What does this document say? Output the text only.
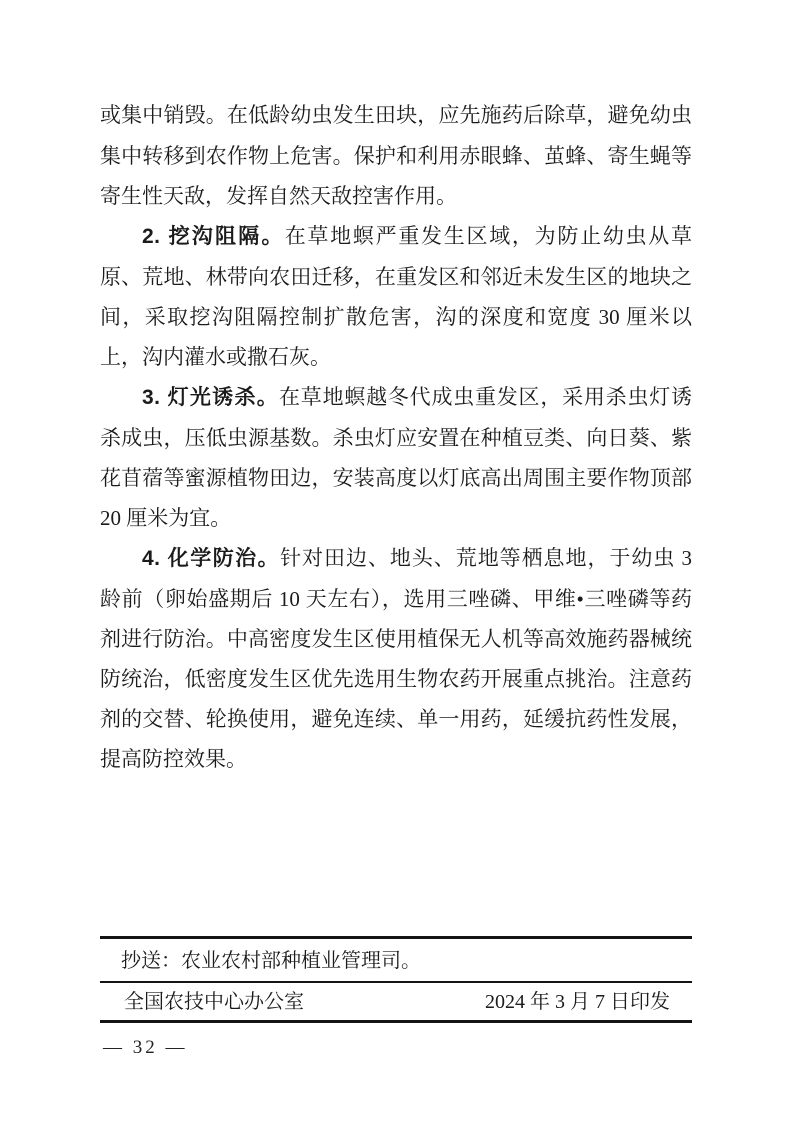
或集中销毁。在低龄幼虫发生田块，应先施药后除草，避免幼虫集中转移到农作物上危害。保护和利用赤眼蜂、茧蜂、寄生蝇等寄生性天敌，发挥自然天敌控害作用。

2. 挖沟阻隔。在草地螟严重发生区域，为防止幼虫从草原、荒地、林带向农田迁移，在重发区和邻近未发生区的地块之间，采取挖沟阻隔控制扩散危害，沟的深度和宽度 30 厘米以上，沟内灌水或撒石灰。

3. 灯光诱杀。在草地螟越冬代成虫重发区，采用杀虫灯诱杀成虫，压低虫源基数。杀虫灯应安置在种植豆类、向日葵、紫花苜蓿等蜜源植物田边，安装高度以灯底高出周围主要作物顶部 20 厘米为宜。

4. 化学防治。针对田边、地头、荒地等栖息地，于幼虫 3 龄前（卵始盛期后 10 天左右），选用三唑磷、甲维•三唑磷等药剂进行防治。中高密度发生区使用植保无人机等高效施药器械统防统治，低密度发生区优先选用生物农药开展重点挑治。注意药剂的交替、轮换使用，避免连续、单一用药，延缓抗药性发展，提高防控效果。

抄送：农业农村部种植业管理司。
全国农技中心办公室	2024 年 3 月 7 日印发
— 32 —
